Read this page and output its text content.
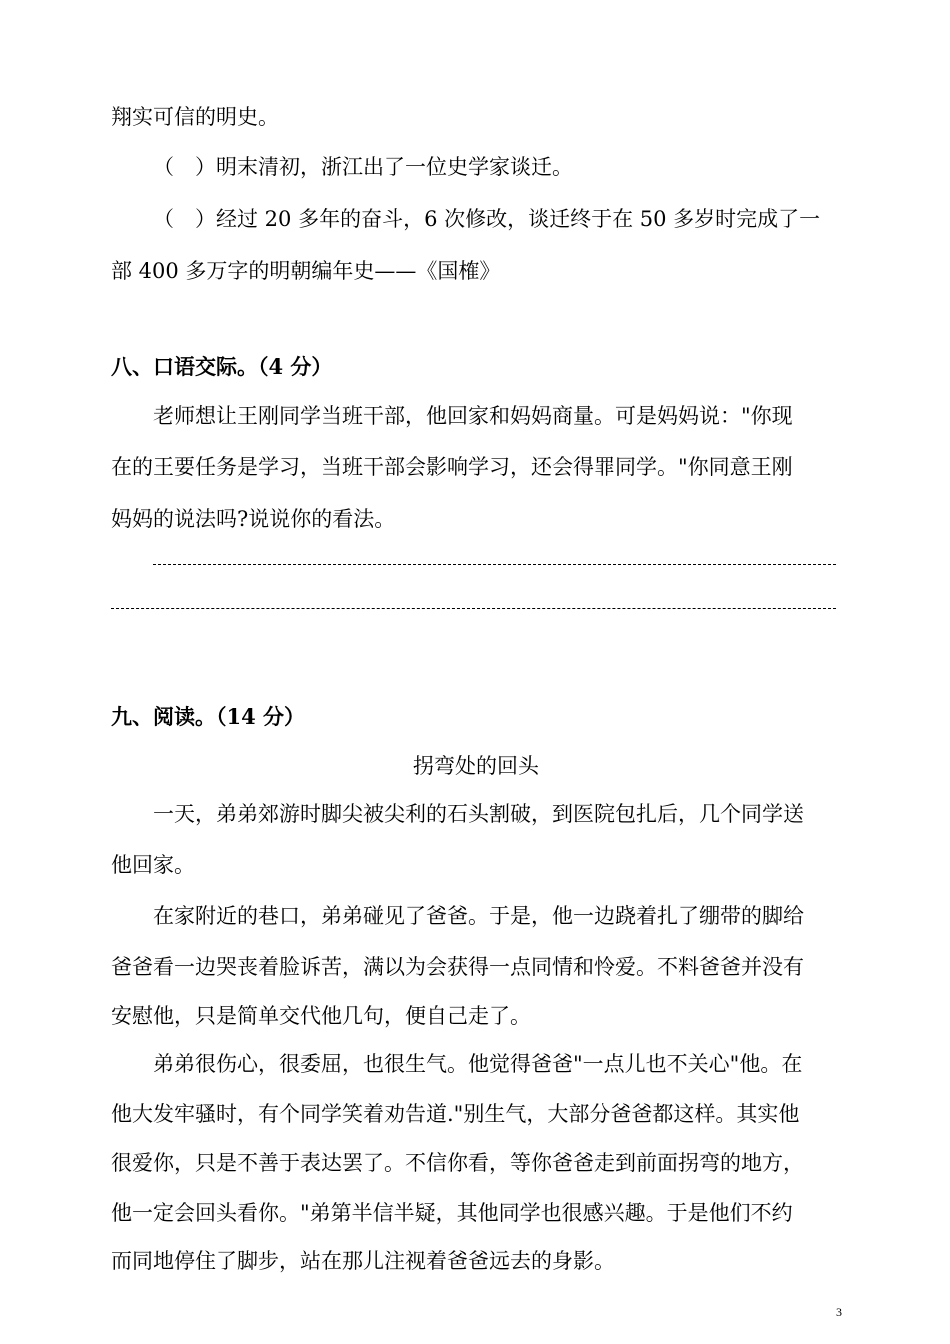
翔实可信的明史。
（　）明末清初，浙江出了一位史学家谈迁。
（　）经过 20 多年的奋斗，6 次修改，谈迁终于在 50 多岁时完成了一
部 400 多万字的明朝编年史——《国榷》
八、口语交际。（4 分）
老师想让王刚同学当班干部，他回家和妈妈商量。可是妈妈说："你现
在的王要任务是学习，当班干部会影响学习，还会得罪同学。"你同意王刚
妈妈的说法吗?说说你的看法。
九、阅读。（14 分）
拐弯处的回头
一天，弟弟郊游时脚尖被尖利的石头割破，到医院包扎后，几个同学送
他回家。
在家附近的巷口，弟弟碰见了爸爸。于是，他一边跷着扎了绷带的脚给
爸爸看一边哭丧着脸诉苦，满以为会获得一点同情和怜爱。不料爸爸并没有
安慰他，只是简单交代他几句，便自己走了。
弟弟很伤心，很委屈，也很生气。他觉得爸爸"一点儿也不关心"他。在
他大发牢骚时，有个同学笑着劝告道."别生气，大部分爸爸都这样。其实他
很爱你，只是不善于表达罢了。不信你看，等你爸爸走到前面拐弯的地方，
他一定会回头看你。"弟第半信半疑，其他同学也很感兴趣。于是他们不约
而同地停住了脚步，站在那儿注视着爸爸远去的身影。
3
